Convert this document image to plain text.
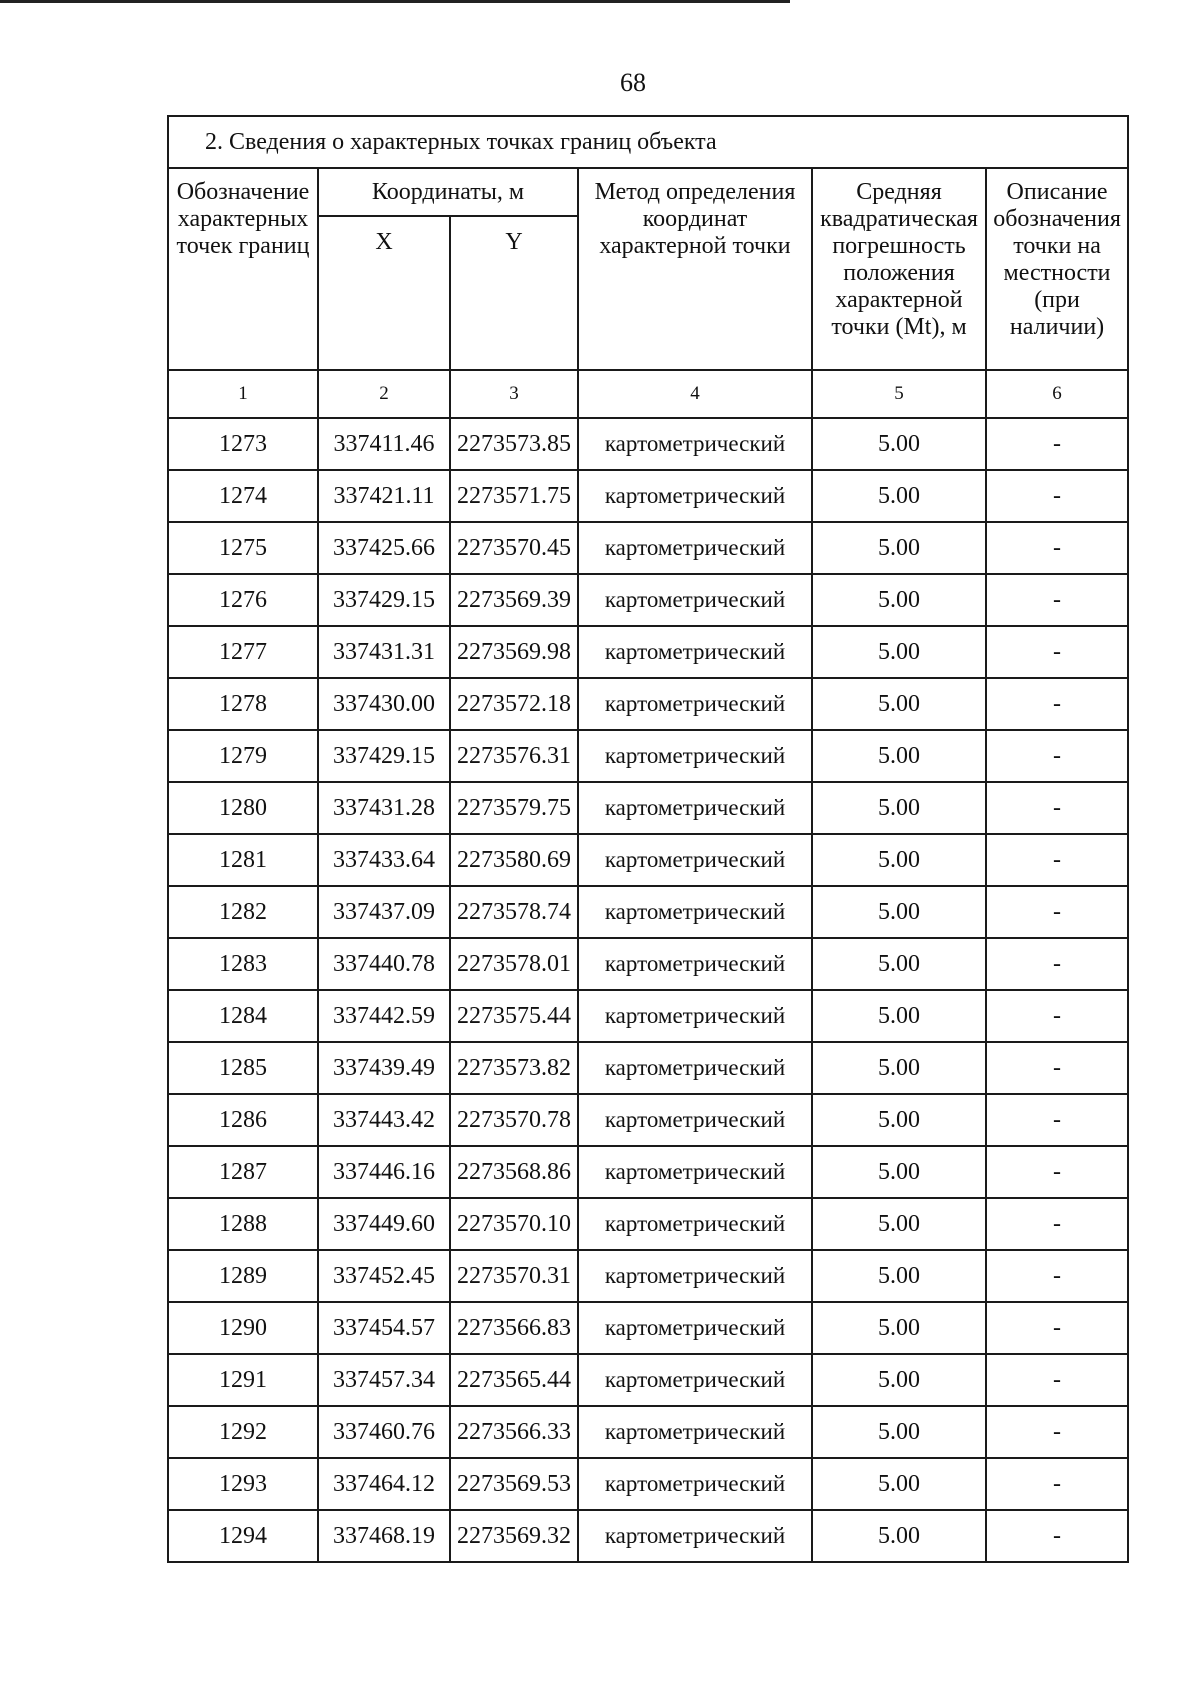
68
2. Сведения о характерных точках границ объекта					
Обозначение характерных точек границ	Координаты, м		Метод определения координат характерной точки	Средняя квадратическая погрешность положения характерной точки (Mt), м	Описание обозначения точки на местности (при наличии)
	X	Y			
1	2	3	4	5	6
1273	337411.46	2273573.85	картометрический	5.00	-
1274	337421.11	2273571.75	картометрический	5.00	-
1275	337425.66	2273570.45	картометрический	5.00	-
1276	337429.15	2273569.39	картометрический	5.00	-
1277	337431.31	2273569.98	картометрический	5.00	-
1278	337430.00	2273572.18	картометрический	5.00	-
1279	337429.15	2273576.31	картометрический	5.00	-
1280	337431.28	2273579.75	картометрический	5.00	-
1281	337433.64	2273580.69	картометрический	5.00	-
1282	337437.09	2273578.74	картометрический	5.00	-
1283	337440.78	2273578.01	картометрический	5.00	-
1284	337442.59	2273575.44	картометрический	5.00	-
1285	337439.49	2273573.82	картометрический	5.00	-
1286	337443.42	2273570.78	картометрический	5.00	-
1287	337446.16	2273568.86	картометрический	5.00	-
1288	337449.60	2273570.10	картометрический	5.00	-
1289	337452.45	2273570.31	картометрический	5.00	-
1290	337454.57	2273566.83	картометрический	5.00	-
1291	337457.34	2273565.44	картометрический	5.00	-
1292	337460.76	2273566.33	картометрический	5.00	-
1293	337464.12	2273569.53	картометрический	5.00	-
1294	337468.19	2273569.32	картометрический	5.00	-
